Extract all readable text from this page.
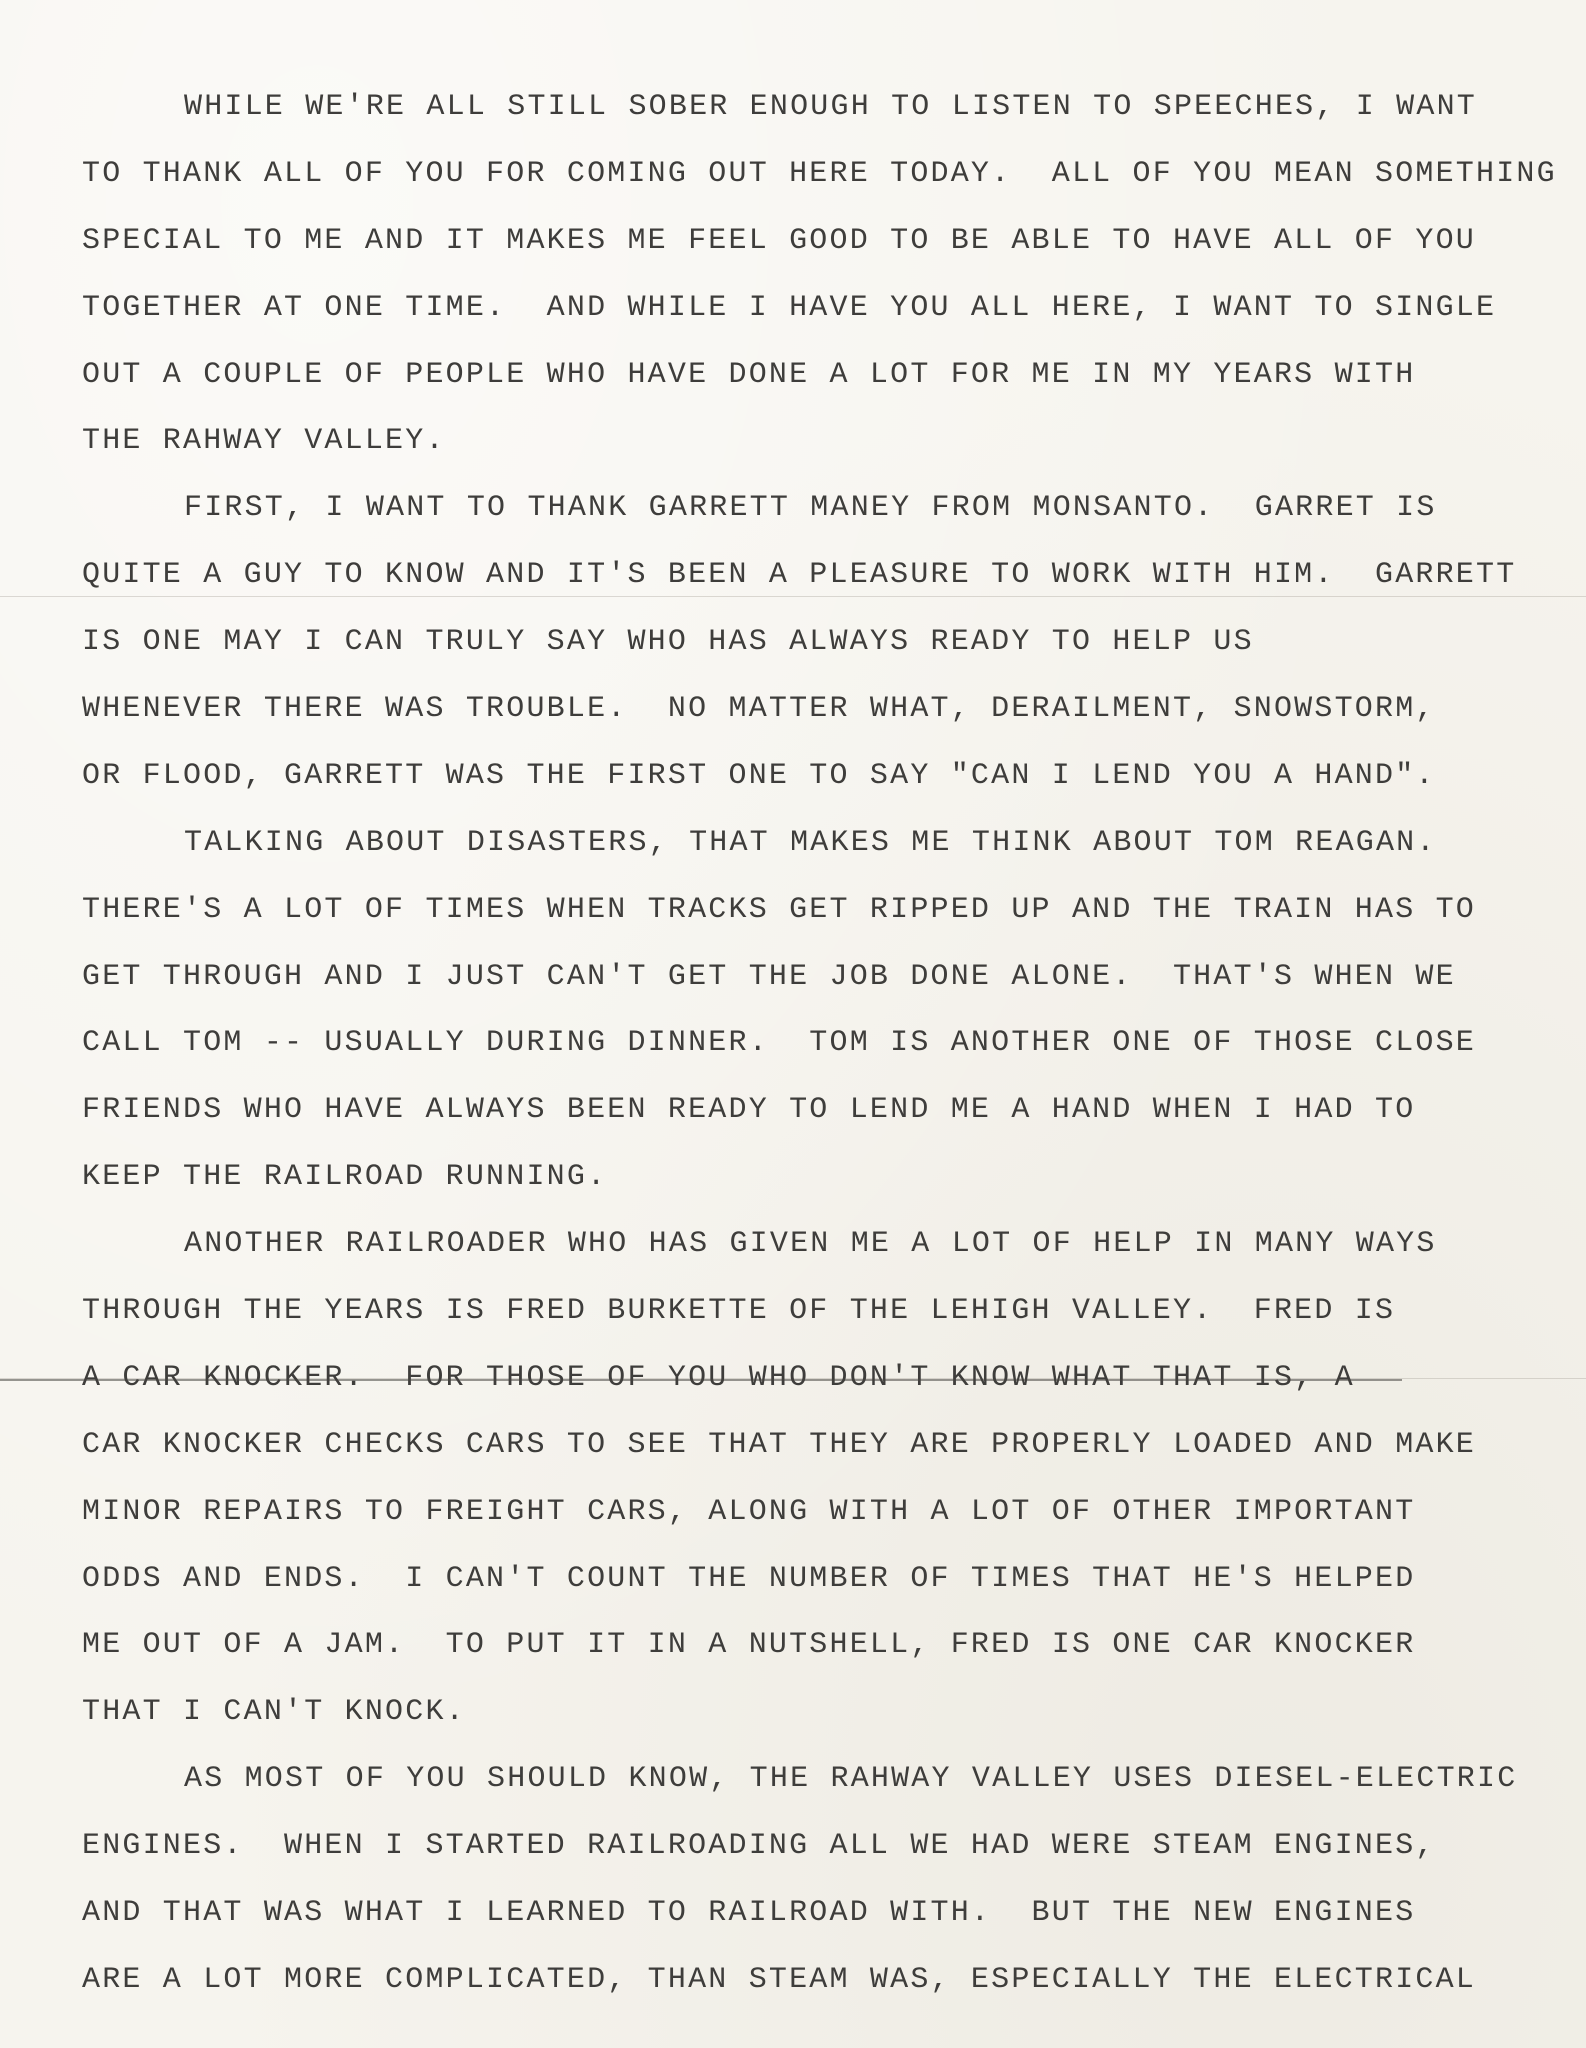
WHILE WE'RE ALL STILL SOBER ENOUGH TO LISTEN TO SPEECHES, I WANT
TO THANK ALL OF YOU FOR COMING OUT HERE TODAY.  ALL OF YOU MEAN SOMETHING
SPECIAL TO ME AND IT MAKES ME FEEL GOOD TO BE ABLE TO HAVE ALL OF YOU
TOGETHER AT ONE TIME.  AND WHILE I HAVE YOU ALL HERE, I WANT TO SINGLE
OUT A COUPLE OF PEOPLE WHO HAVE DONE A LOT FOR ME IN MY YEARS WITH
THE RAHWAY VALLEY.
FIRST, I WANT TO THANK GARRETT MANEY FROM MONSANTO.  GARRET IS
QUITE A GUY TO KNOW AND IT'S BEEN A PLEASURE TO WORK WITH HIM.  GARRETT
IS ONE MAY I CAN TRULY SAY WHO HAS ALWAYS READY TO HELP US
WHENEVER THERE WAS TROUBLE.  NO MATTER WHAT, DERAILMENT, SNOWSTORM,
OR FLOOD, GARRETT WAS THE FIRST ONE TO SAY "CAN I LEND YOU A HAND".
TALKING ABOUT DISASTERS, THAT MAKES ME THINK ABOUT TOM REAGAN.
THERE'S A LOT OF TIMES WHEN TRACKS GET RIPPED UP AND THE TRAIN HAS TO
GET THROUGH AND I JUST CAN'T GET THE JOB DONE ALONE.  THAT'S WHEN WE
CALL TOM -- USUALLY DURING DINNER.  TOM IS ANOTHER ONE OF THOSE CLOSE
FRIENDS WHO HAVE ALWAYS BEEN READY TO LEND ME A HAND WHEN I HAD TO
KEEP THE RAILROAD RUNNING.
ANOTHER RAILROADER WHO HAS GIVEN ME A LOT OF HELP IN MANY WAYS
THROUGH THE YEARS IS FRED BURKETTE OF THE LEHIGH VALLEY.  FRED IS
A CAR KNOCKER.  FOR THOSE OF YOU WHO DON'T KNOW WHAT THAT IS, A
CAR KNOCKER CHECKS CARS TO SEE THAT THEY ARE PROPERLY LOADED AND MAKE
MINOR REPAIRS TO FREIGHT CARS, ALONG WITH A LOT OF OTHER IMPORTANT
ODDS AND ENDS.  I CAN'T COUNT THE NUMBER OF TIMES THAT HE'S HELPED
ME OUT OF A JAM.  TO PUT IT IN A NUTSHELL, FRED IS ONE CAR KNOCKER
THAT I CAN'T KNOCK.
AS MOST OF YOU SHOULD KNOW, THE RAHWAY VALLEY USES DIESEL-ELECTRIC
ENGINES.  WHEN I STARTED RAILROADING ALL WE HAD WERE STEAM ENGINES,
AND THAT WAS WHAT I LEARNED TO RAILROAD WITH.  BUT THE NEW ENGINES
ARE A LOT MORE COMPLICATED, THAN STEAM WAS, ESPECIALLY THE ELECTRICAL
